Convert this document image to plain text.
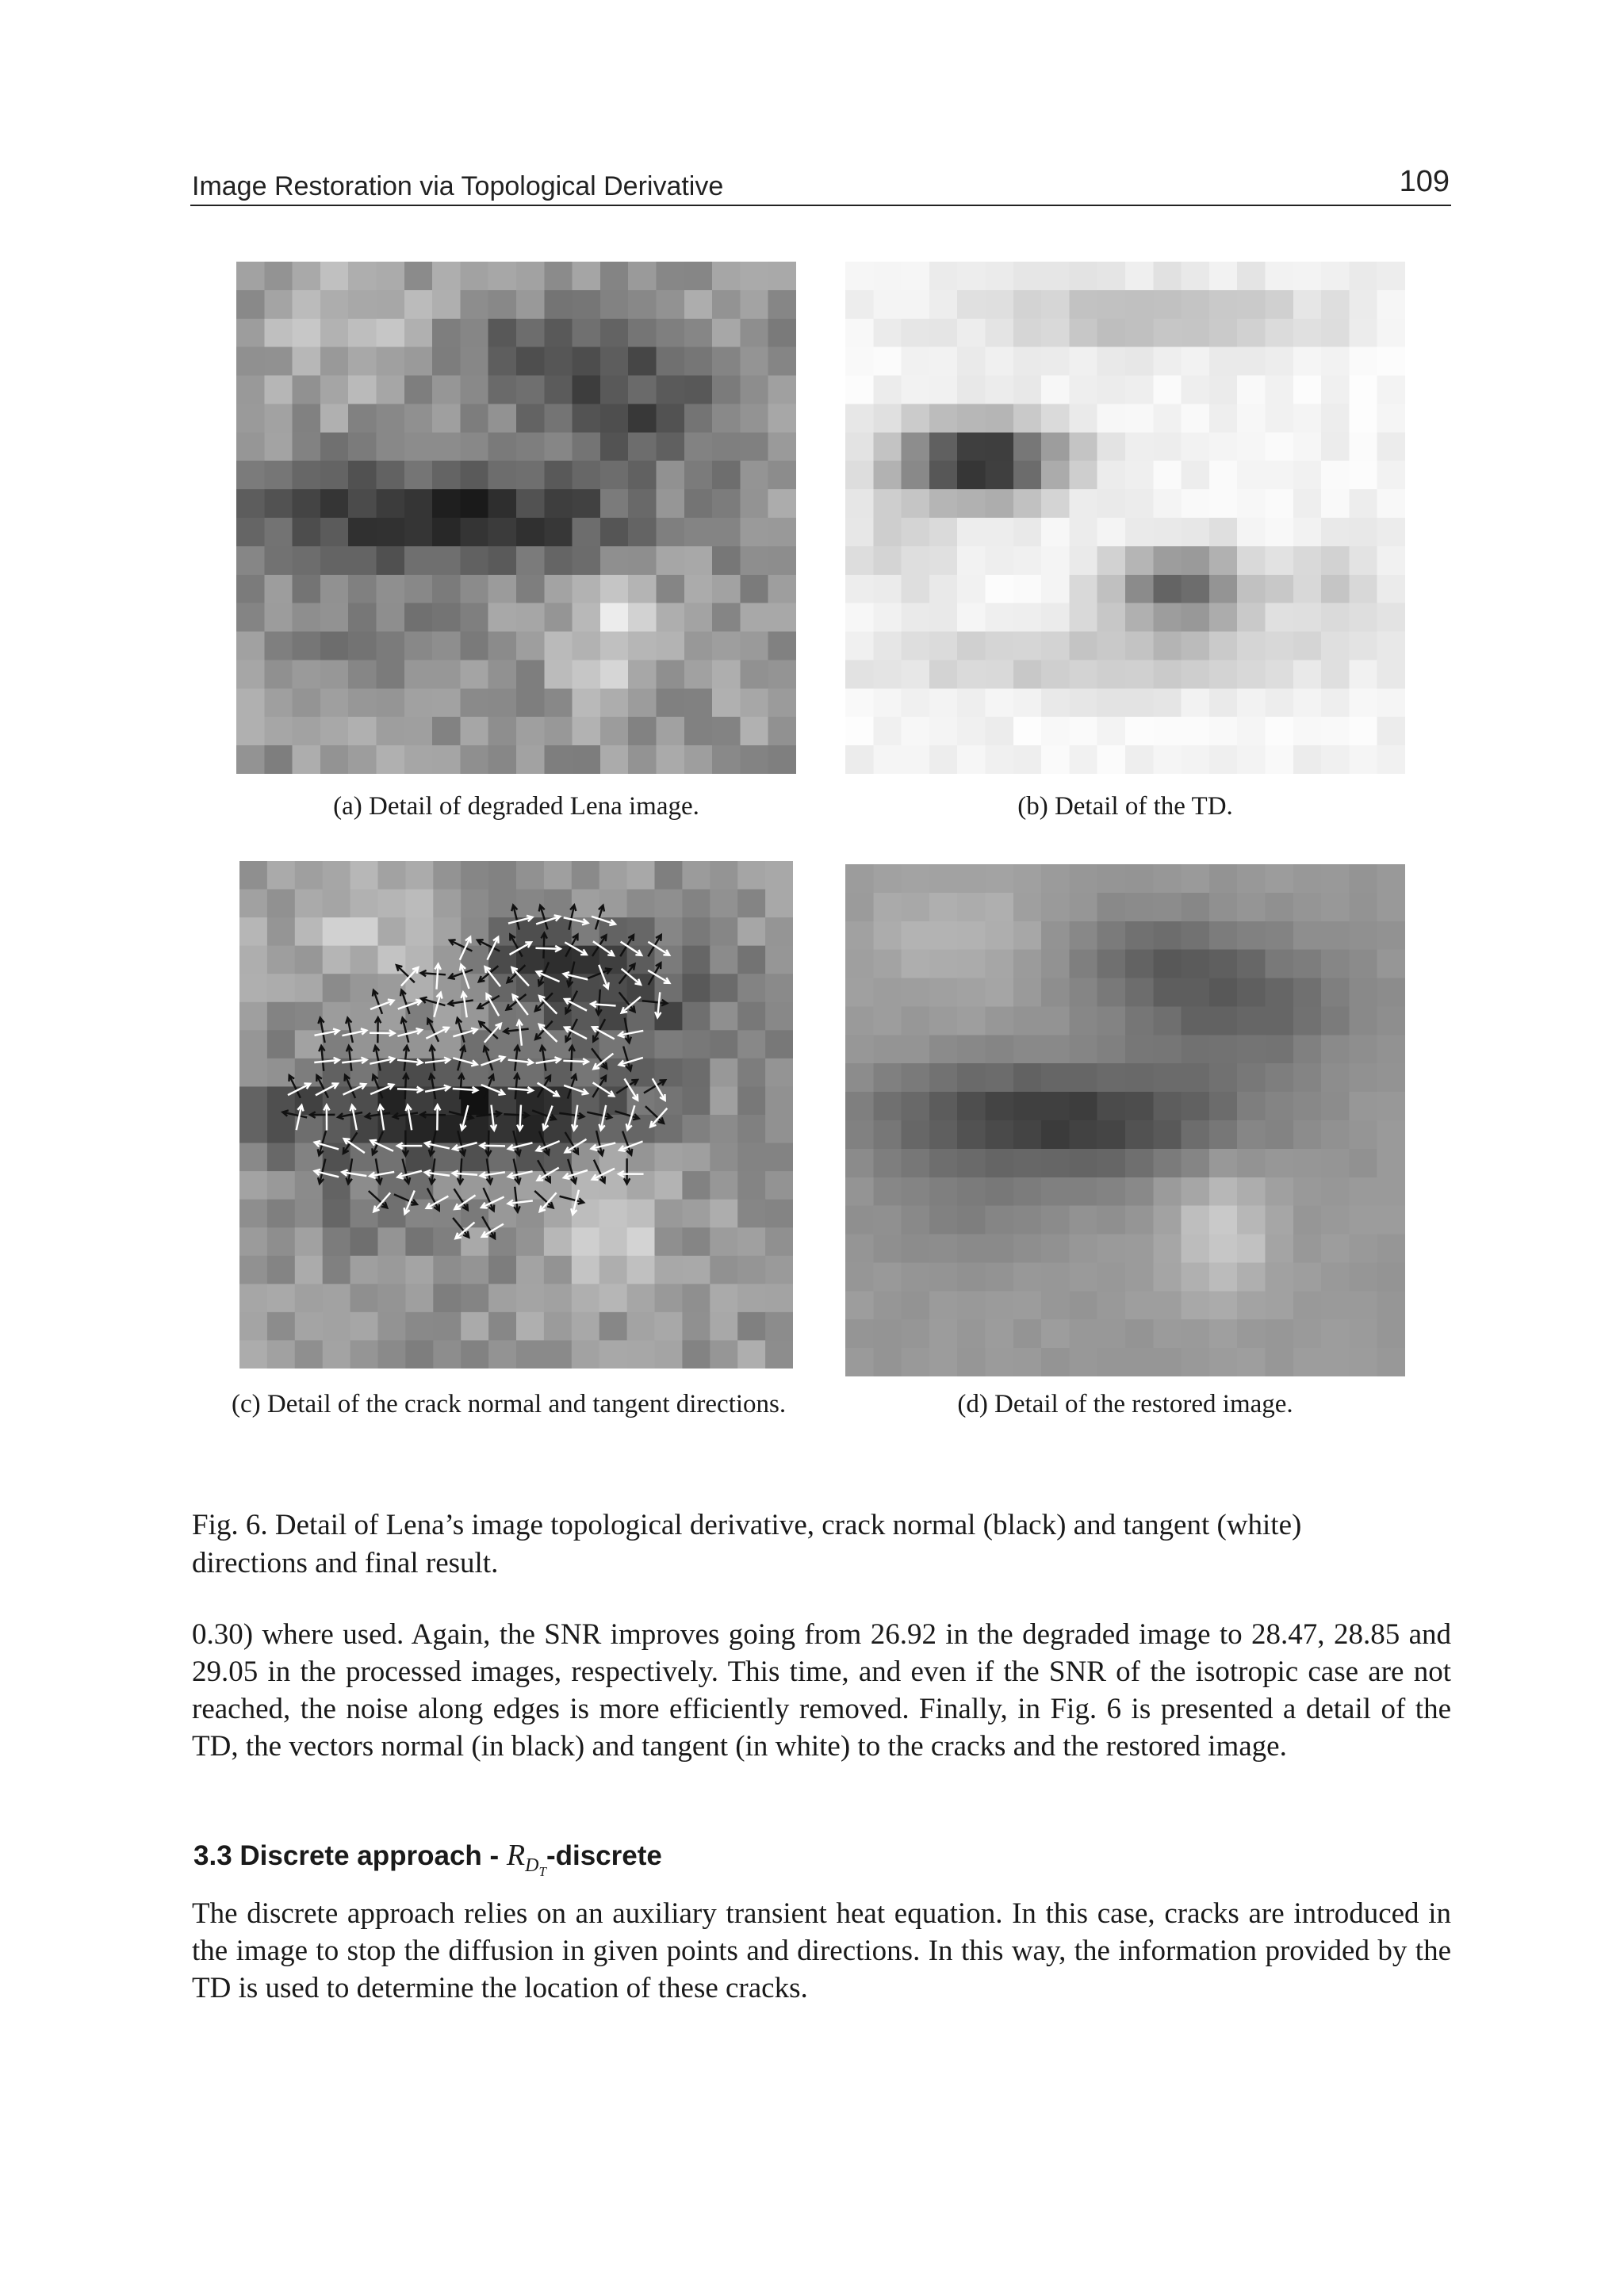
Image Restoration via Topological Derivative	109
(a) Detail of degraded Lena image.	(b) Detail of the TD.
(c) Detail of the crack normal and tangent directions.	(d) Detail of the restored image.
Fig. 6. Detail of Lena’s image topological derivative, crack normal (black) and tangent (white) directions and final result.

0.30) where used. Again, the SNR improves going from 26.92 in the degraded image to 28.47, 28.85 and 29.05 in the processed images, respectively. This time, and even if the SNR of the isotropic case are not reached, the noise along edges is more efficiently removed. Finally, in Fig. 6 is presented a detail of the TD, the vectors normal (in black) and tangent (in white) to the cracks and the restored image.

3.3 Discrete approach - $R_{D_T}$-discrete

The discrete approach relies on an auxiliary transient heat equation. In this case, cracks are introduced in the image to stop the diffusion in given points and directions. In this way, the information provided by the TD is used to determine the location of these cracks.
